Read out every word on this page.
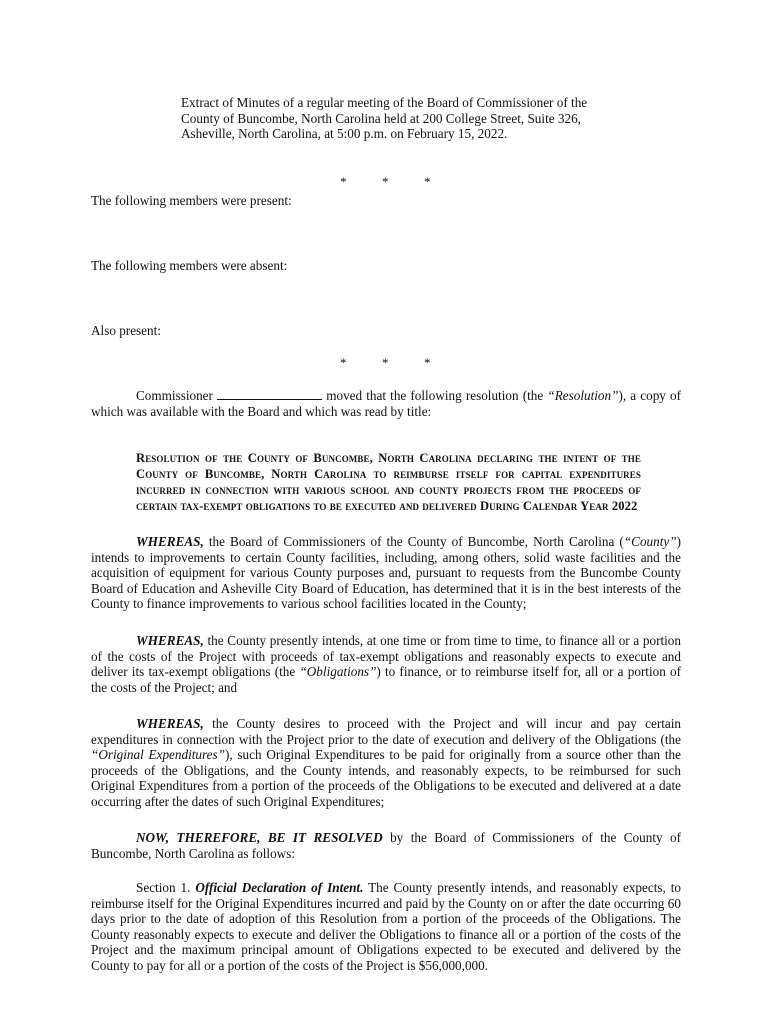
Extract of Minutes of a regular meeting of the Board of Commissioner of the County of Buncombe, North Carolina held at 200 College Street, Suite 326, Asheville, North Carolina, at 5:00 p.m. on February 15, 2022.

*	*	*

The following members were present:

The following members were absent:

Also present:

*	*	*

Commissioner	moved that the following resolution (the “Resolution”), a copy of which was available with the Board and which was read by title:

Resolution of the County of Buncombe, North Carolina declaring the intent of the County of Buncombe, North Carolina to reimburse itself for capital expenditures incurred in connection with various school and county projects from the proceeds of certain tax-exempt obligations to be executed and delivered During Calendar Year 2022

WHEREAS, the Board of Commissioners of the County of Buncombe, North Carolina (“County”) intends to improvements to certain County facilities, including, among others, solid waste facilities and the acquisition of equipment for various County purposes and, pursuant to requests from the Buncombe County Board of Education and Asheville City Board of Education, has determined that it is in the best interests of the County to finance improvements to various school facilities located in the County;

WHEREAS, the County presently intends, at one time or from time to time, to finance all or a portion of the costs of the Project with proceeds of tax-exempt obligations and reasonably expects to execute and deliver its tax-exempt obligations (the “Obligations”) to finance, or to reimburse itself for, all or a portion of the costs of the Project; and

WHEREAS, the County desires to proceed with the Project and will incur and pay certain expenditures in connection with the Project prior to the date of execution and delivery of the Obligations (the “Original Expenditures”), such Original Expenditures to be paid for originally from a source other than the proceeds of the Obligations, and the County intends, and reasonably expects, to be reimbursed for such Original Expenditures from a portion of the proceeds of the Obligations to be executed and delivered at a date occurring after the dates of such Original Expenditures;

NOW, THEREFORE, BE IT RESOLVED by the Board of Commissioners of the County of Buncombe, North Carolina as follows:

Section 1. Official Declaration of Intent. The County presently intends, and reasonably expects, to reimburse itself for the Original Expenditures incurred and paid by the County on or after the date occurring 60 days prior to the date of adoption of this Resolution from a portion of the proceeds of the Obligations. The County reasonably expects to execute and deliver the Obligations to finance all or a portion of the costs of the Project and the maximum principal amount of Obligations expected to be executed and delivered by the County to pay for all or a portion of the costs of the Project is $56,000,000.
